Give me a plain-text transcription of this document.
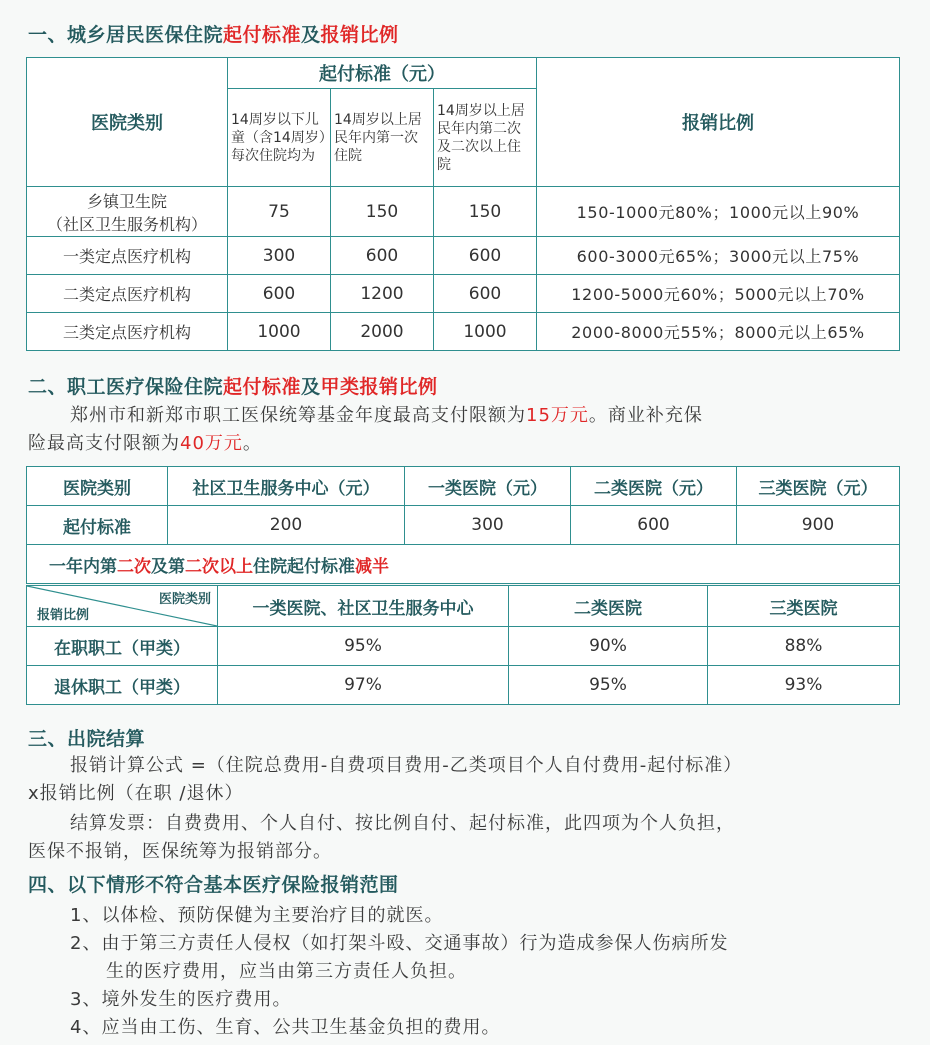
一、城乡居民医保住院起付标准及报销比例
医院类别	起付标准（元）			报销比例
	14周岁以下儿童（含14周岁）每次住院均为	14周岁以上居民年内第一次住院	14周岁以上居民年内第二次及二次以上住院	

乡镇卫生院
（社区卫生服务机构）	75	150	150	150-1000元80%；1000元以上90%
一类定点医疗机构	300	600	600	600-3000元65%；3000元以上75%
二类定点医疗机构	600	1200	600	1200-5000元60%；5000元以上70%
三类定点医疗机构	1000	2000	1000	2000-8000元55%；8000元以上65%
二、职工医疗保险住院起付标准及甲类报销比例
郑州市和新郑市职工医保统筹基金年度最高支付限额为15万元。商业补充保
险最高支付限额为40万元。
医院类别	社区卫生服务中心（元）	一类医院（元）	二类医院（元）	三类医院（元）
起付标准	200	300	600	900
一年内第二次及第二次以上住院起付标准减半				
医院类别
报销比例	一类医院、社区卫生服务中心	二类医院	三类医院
在职职工（甲类）	95%	90%	88%
退休职工（甲类）	97%	95%	93%
三、出院结算
报销计算公式 =（住院总费用-自费项目费用-乙类项目个人自付费用-起付标准）
x报销比例（在职 /退休）
结算发票：自费费用、个人自付、按比例自付、起付标准，此四项为个人负担，
医保不报销，医保统筹为报销部分。
四、以下情形不符合基本医疗保险报销范围
1、以体检、预防保健为主要治疗目的就医。
2、由于第三方责任人侵权（如打架斗殴、交通事故）行为造成参保人伤病所发
生的医疗费用，应当由第三方责任人负担。
3、境外发生的医疗费用。
4、应当由工伤、生育、公共卫生基金负担的费用。
